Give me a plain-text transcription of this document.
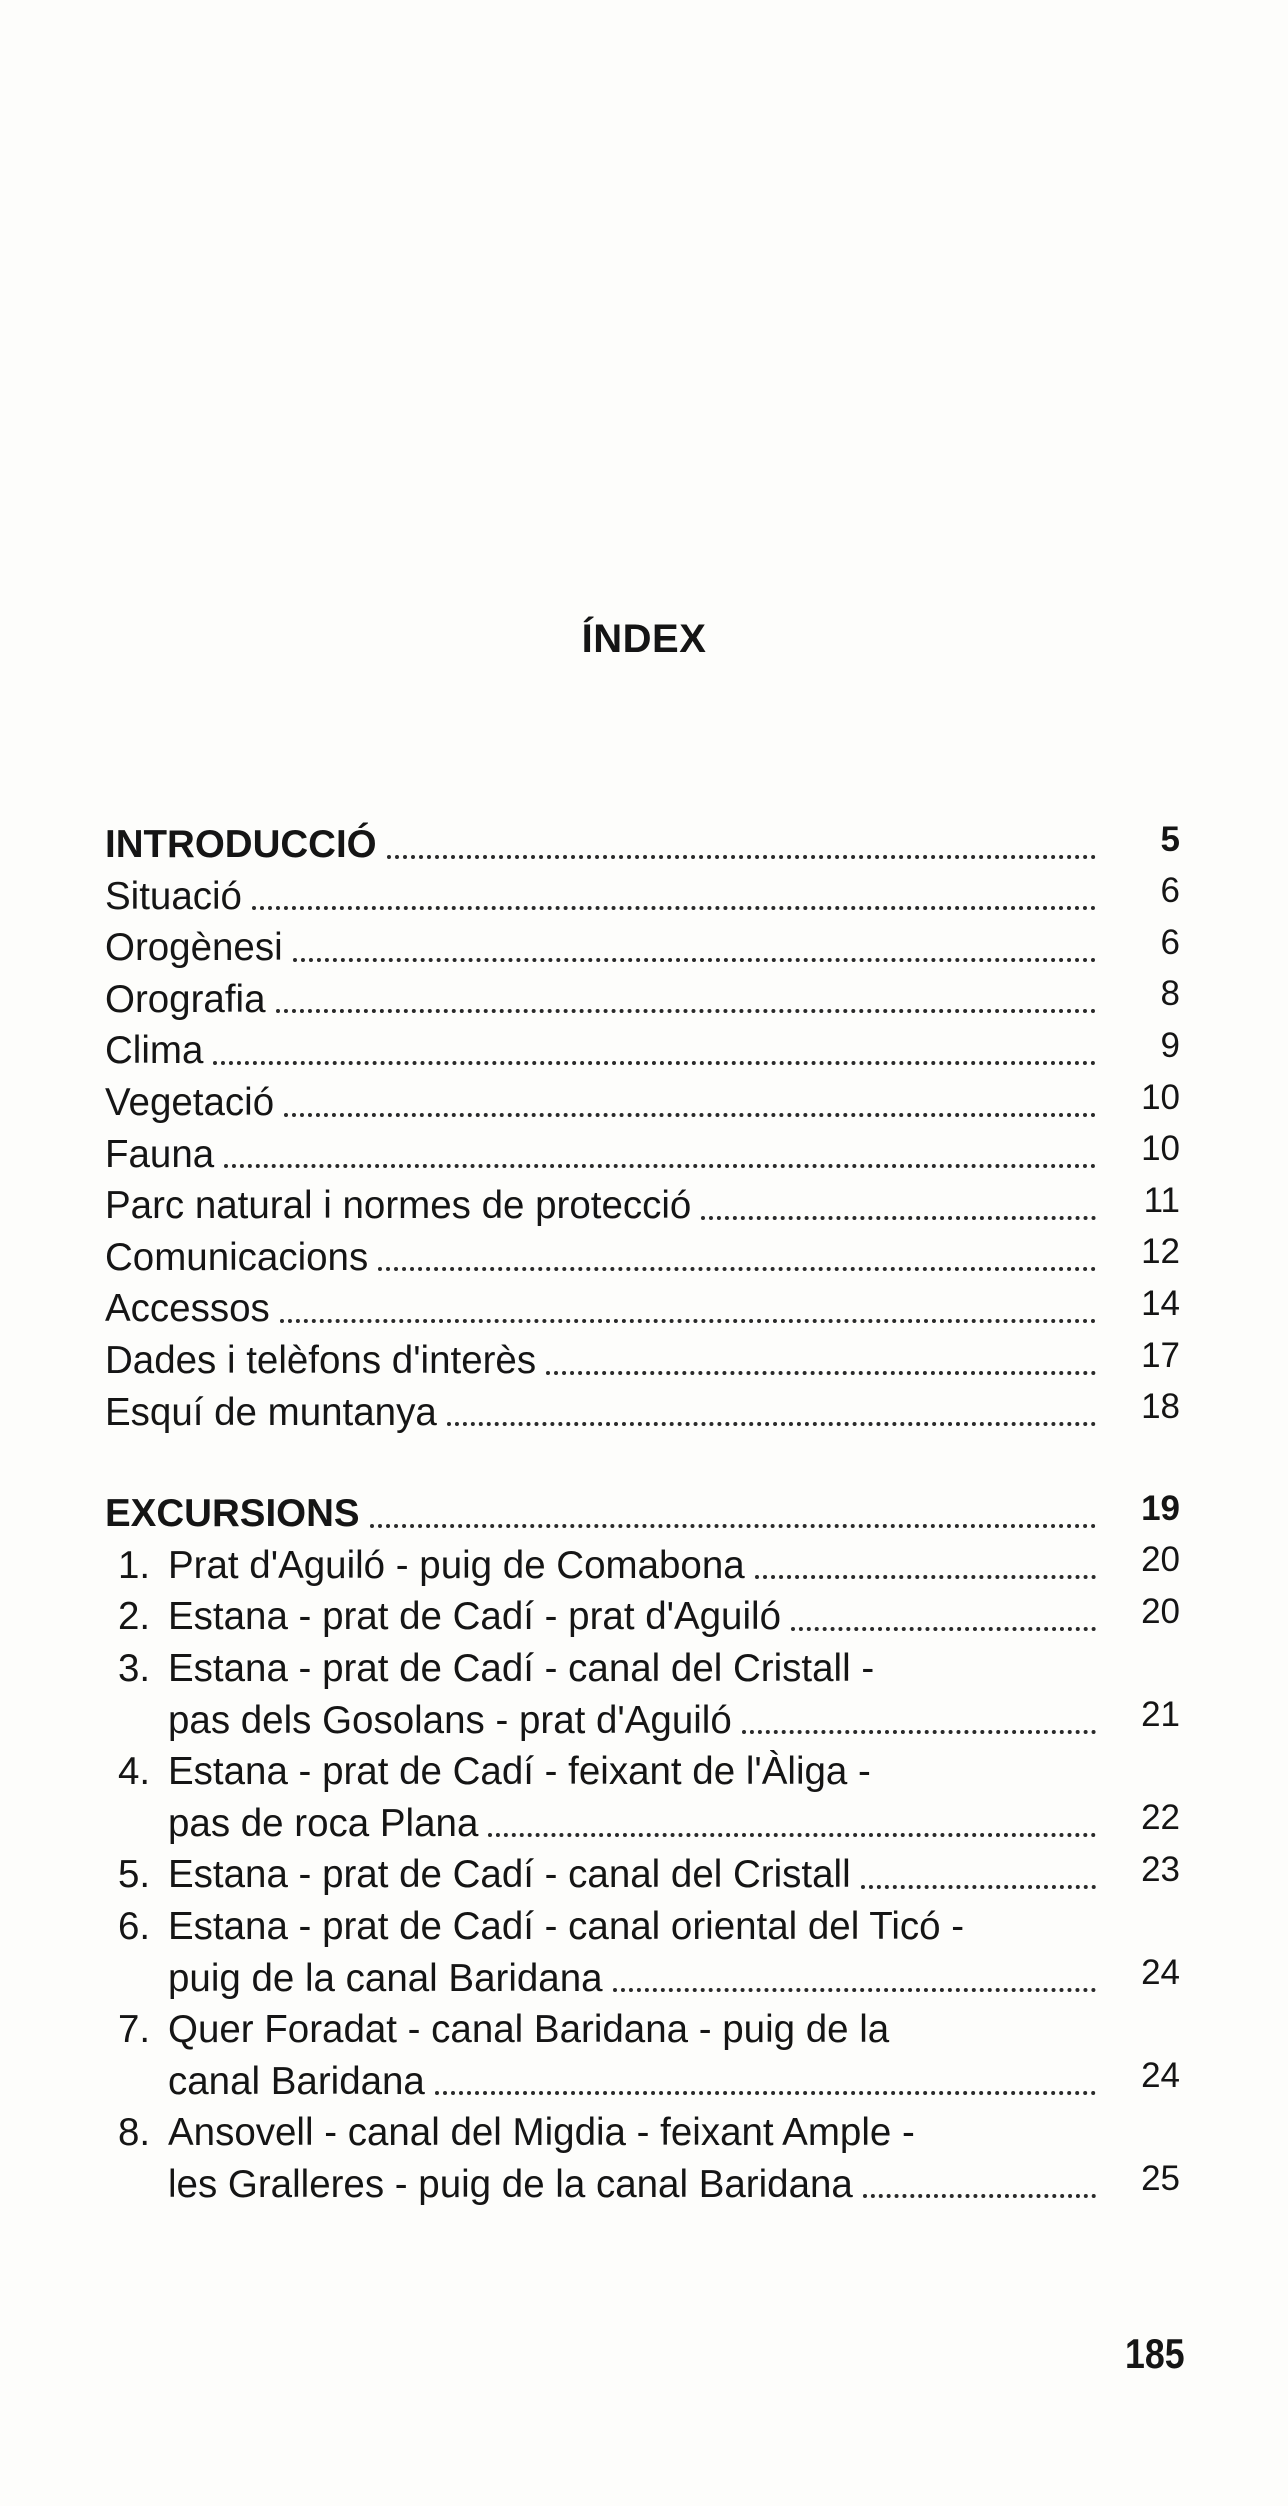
ÍNDEX
INTRODUCCIÓ	5
Situació	6
Orogènesi	6
Orografia	8
Clima	9
Vegetació	10
Fauna	10
Parc natural i normes de protecció	11
Comunicacions	12
Accessos	14
Dades i telèfons d'interès	17
Esquí de muntanya	18
EXCURSIONS	19
1. Prat d'Aguiló - puig de Comabona	20
2. Estana - prat de Cadí - prat d'Aguiló	20
3. Estana - prat de Cadí - canal del Cristall -
pas dels Gosolans - prat d'Aguiló	21
4. Estana - prat de Cadí - feixant de l'Àliga -
pas de roca Plana	22
5. Estana - prat de Cadí - canal del Cristall	23
6. Estana - prat de Cadí - canal oriental del Ticó -
puig de la canal Baridana	24
7. Quer Foradat - canal Baridana - puig de la
canal Baridana	24
8. Ansovell - canal del Migdia - feixant Ample -
les Gralleres - puig de la canal Baridana	25
185
